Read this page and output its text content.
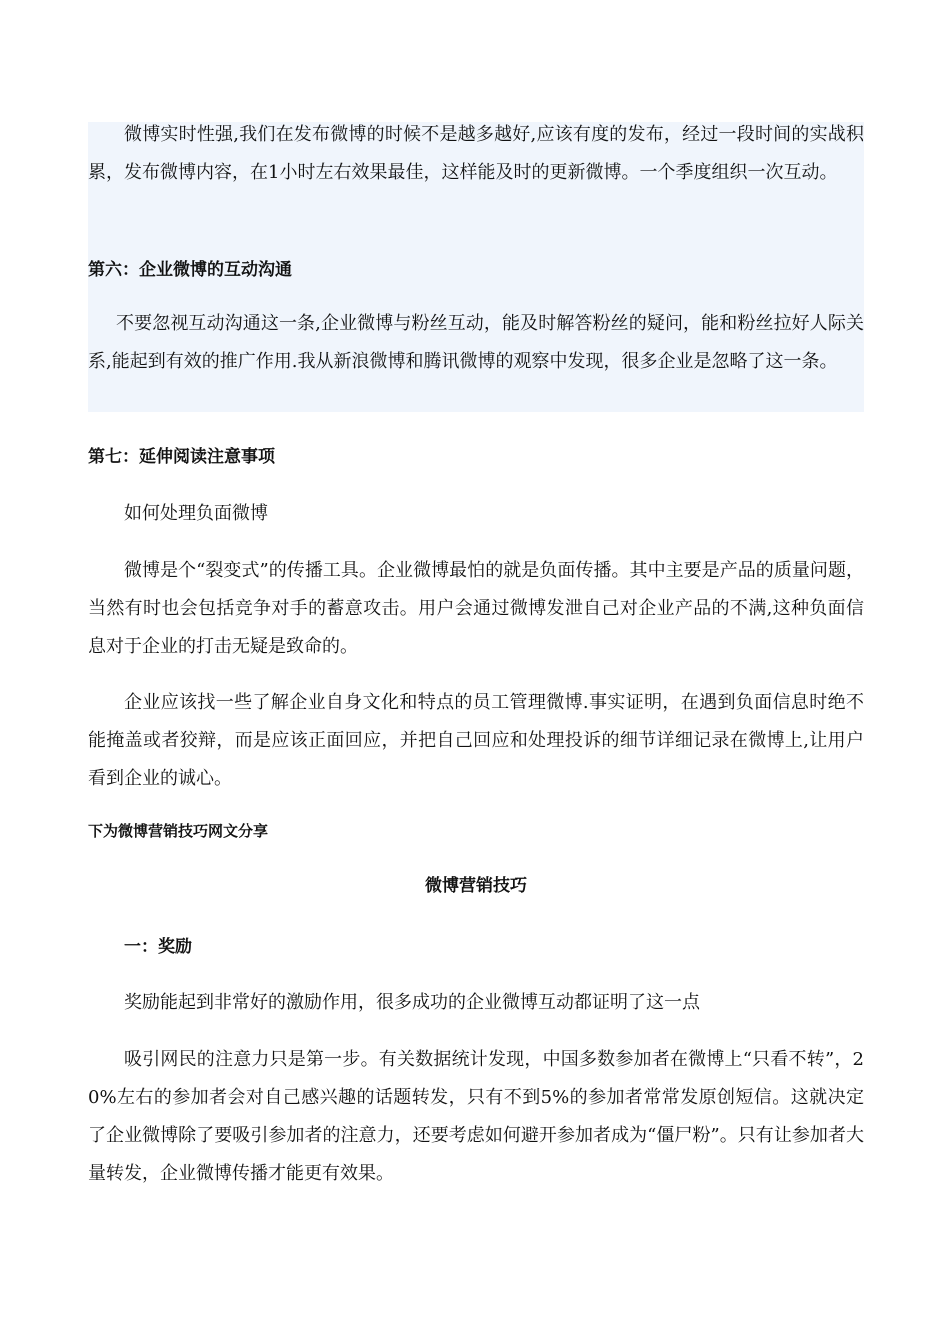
微博实时性强,我们在发布微博的时候不是越多越好,应该有度的发布，经过一段时间的实战积累，发布微博内容，在1小时左右效果最佳，这样能及时的更新微博。一个季度组织一次互动。

第六：企业微博的互动沟通

不要忽视互动沟通这一条,企业微博与粉丝互动，能及时解答粉丝的疑问，能和粉丝拉好人际关系,能起到有效的推广作用.我从新浪微博和腾讯微博的观察中发现，很多企业是忽略了这一条。

第七：延伸阅读注意事项

如何处理负面微博

微博是个“裂变式”的传播工具。企业微博最怕的就是负面传播。其中主要是产品的质量问题，当然有时也会包括竞争对手的蓄意攻击。用户会通过微博发泄自己对企业产品的不满,这种负面信息对于企业的打击无疑是致命的。

企业应该找一些了解企业自身文化和特点的员工管理微博.事实证明，在遇到负面信息时绝不能掩盖或者狡辩，而是应该正面回应，并把自己回应和处理投诉的细节详细记录在微博上,让用户看到企业的诚心。

下为微博营销技巧网文分享

微博营销技巧

一：奖励

奖励能起到非常好的激励作用，很多成功的企业微博互动都证明了这一点

吸引网民的注意力只是第一步。有关数据统计发现，中国多数参加者在微博上“只看不转”，20%左右的参加者会对自己感兴趣的话题转发，只有不到5%的参加者常常发原创短信。这就决定了企业微博除了要吸引参加者的注意力，还要考虑如何避开参加者成为“僵尸粉”。只有让参加者大量转发，企业微博传播才能更有效果。
